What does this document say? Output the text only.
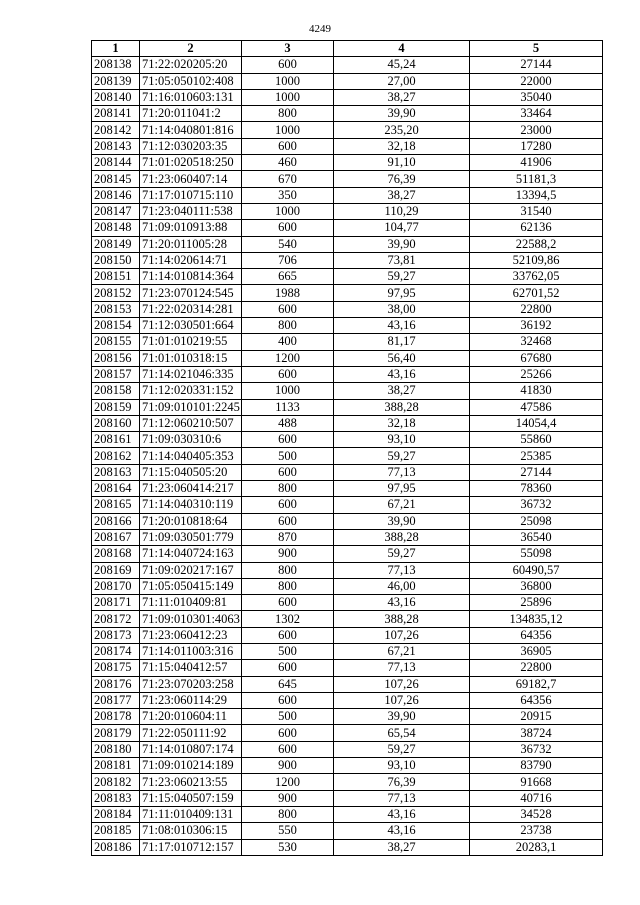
4249
1	2	3	4	5
208138	71:22:020205:20	600	45,24	27144
208139	71:05:050102:408	1000	27,00	22000
208140	71:16:010603:131	1000	38,27	35040
208141	71:20:011041:2	800	39,90	33464
208142	71:14:040801:816	1000	235,20	23000
208143	71:12:030203:35	600	32,18	17280
208144	71:01:020518:250	460	91,10	41906
208145	71:23:060407:14	670	76,39	51181,3
208146	71:17:010715:110	350	38,27	13394,5
208147	71:23:040111:538	1000	110,29	31540
208148	71:09:010913:88	600	104,77	62136
208149	71:20:011005:28	540	39,90	22588,2
208150	71:14:020614:71	706	73,81	52109,86
208151	71:14:010814:364	665	59,27	33762,05
208152	71:23:070124:545	1988	97,95	62701,52
208153	71:22:020314:281	600	38,00	22800
208154	71:12:030501:664	800	43,16	36192
208155	71:01:010219:55	400	81,17	32468
208156	71:01:010318:15	1200	56,40	67680
208157	71:14:021046:335	600	43,16	25266
208158	71:12:020331:152	1000	38,27	41830
208159	71:09:010101:2245	1133	388,28	47586
208160	71:12:060210:507	488	32,18	14054,4
208161	71:09:030310:6	600	93,10	55860
208162	71:14:040405:353	500	59,27	25385
208163	71:15:040505:20	600	77,13	27144
208164	71:23:060414:217	800	97,95	78360
208165	71:14:040310:119	600	67,21	36732
208166	71:20:010818:64	600	39,90	25098
208167	71:09:030501:779	870	388,28	36540
208168	71:14:040724:163	900	59,27	55098
208169	71:09:020217:167	800	77,13	60490,57
208170	71:05:050415:149	800	46,00	36800
208171	71:11:010409:81	600	43,16	25896
208172	71:09:010301:4063	1302	388,28	134835,12
208173	71:23:060412:23	600	107,26	64356
208174	71:14:011003:316	500	67,21	36905
208175	71:15:040412:57	600	77,13	22800
208176	71:23:070203:258	645	107,26	69182,7
208177	71:23:060114:29	600	107,26	64356
208178	71:20:010604:11	500	39,90	20915
208179	71:22:050111:92	600	65,54	38724
208180	71:14:010807:174	600	59,27	36732
208181	71:09:010214:189	900	93,10	83790
208182	71:23:060213:55	1200	76,39	91668
208183	71:15:040507:159	900	77,13	40716
208184	71:11:010409:131	800	43,16	34528
208185	71:08:010306:15	550	43,16	23738
208186	71:17:010712:157	530	38,27	20283,1
